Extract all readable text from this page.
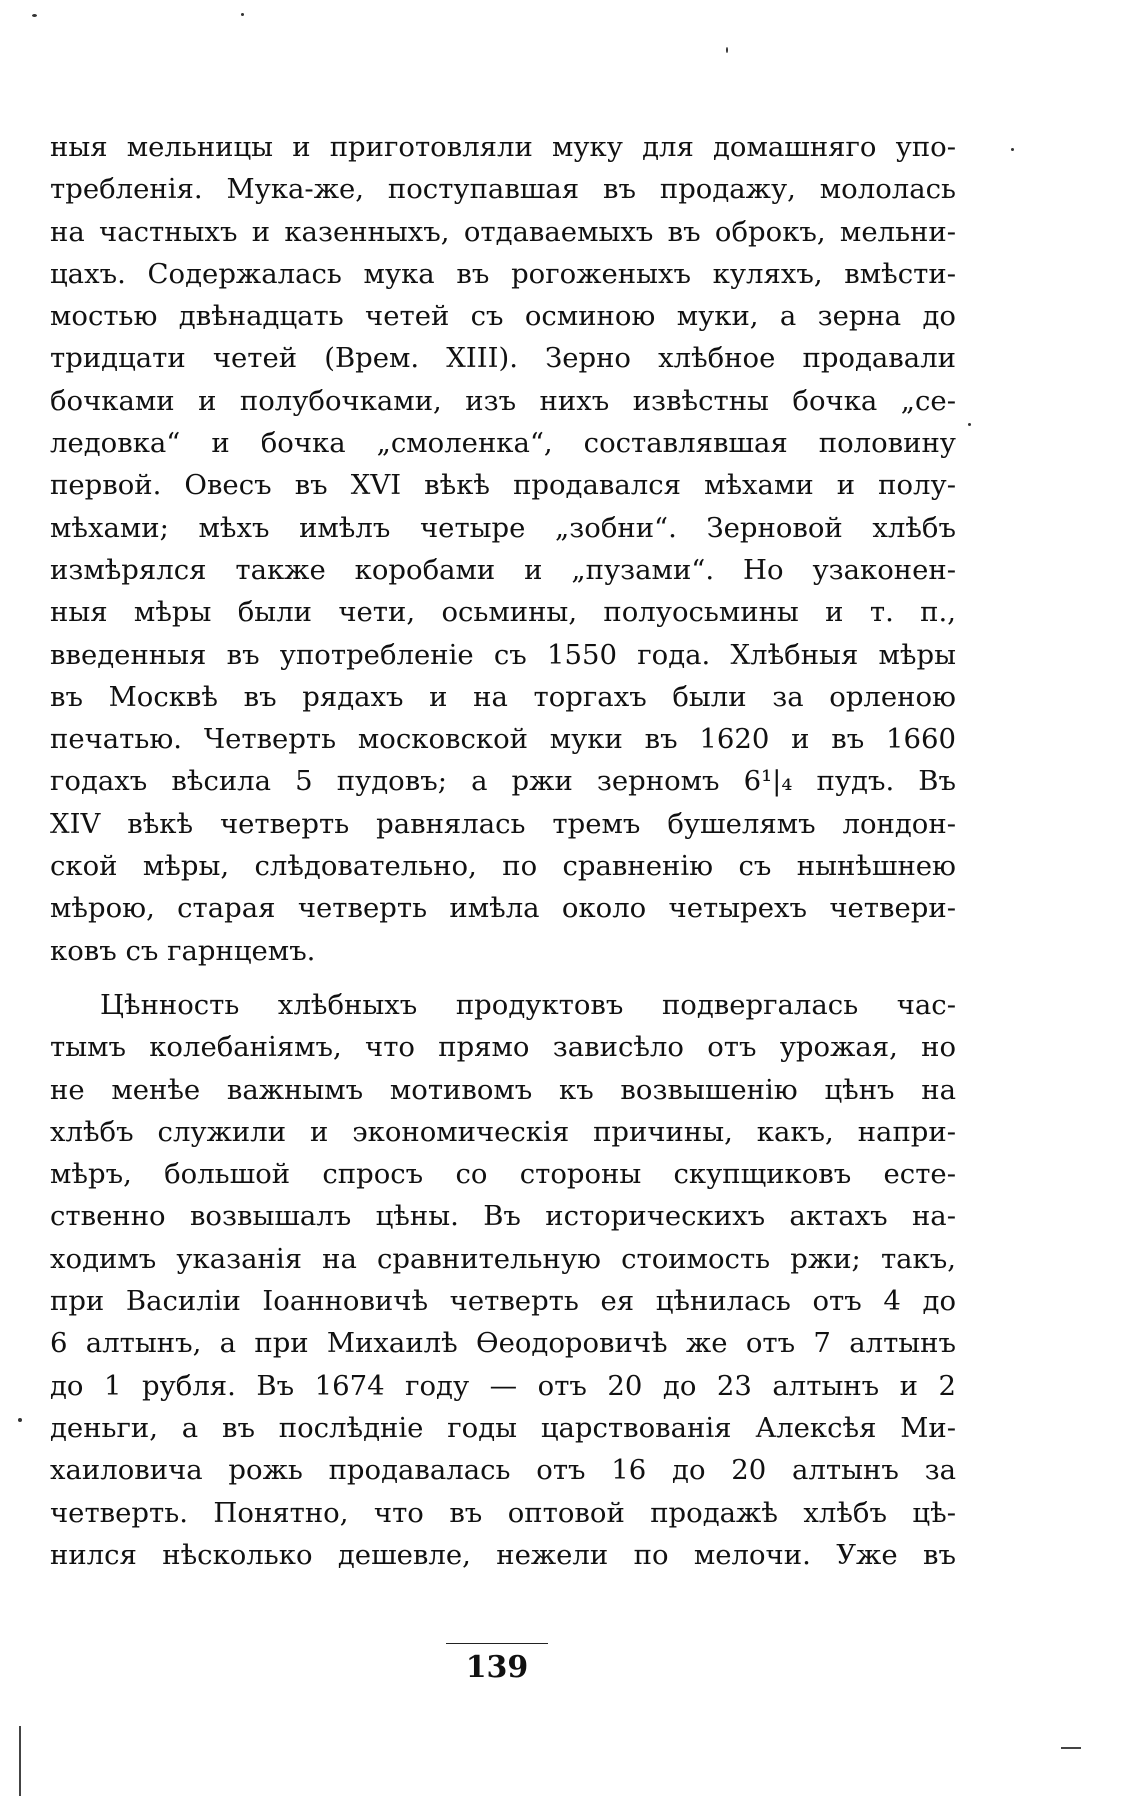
ныя мельницы и приготовляли муку для домашняго упо-
требленія. Мука-же, поступавшая въ продажу, мололась
на частныхъ и казенныхъ, отдаваемыхъ въ оброкъ, мельни-
цахъ. Содержалась мука въ рогоженыхъ куляхъ, вмѣсти-
мостью двѣнадцать четей съ осминою муки, а зерна до
тридцати четей (Врем. XIII). Зерно хлѣбное продавали
бочками и полубочками, изъ нихъ извѣстны бочка „се-
ледовка“ и бочка „смоленка“, составлявшая половину
первой. Овесъ въ XVI вѣкѣ продавался мѣхами и полу-
мѣхами; мѣхъ имѣлъ четыре „зобни“. Зерновой хлѣбъ
измѣрялся также коробами и „пузами“. Но узаконен-
ныя мѣры были чети, осьмины, полуосьмины и т. п.,
введенныя въ употребленіе съ 1550 года. Хлѣбныя мѣры
въ Москвѣ въ рядахъ и на торгахъ были за орленою
печатью. Четверть московской муки въ 1620 и въ 1660
годахъ вѣсила 5 пудовъ; а ржи зерномъ 6¹|₄ пудъ. Въ
XIV вѣкѣ четверть равнялась тремъ бушелямъ лондон-
ской мѣры, слѣдовательно, по сравненію съ нынѣшнею
мѣрою, старая четверть имѣла около четырехъ четвери-
ковъ съ гарнцемъ.
Цѣнность хлѣбныхъ продуктовъ подвергалась час-
тымъ колебаніямъ, что прямо зависѣло отъ урожая, но
не менѣе важнымъ мотивомъ къ возвышенію цѣнъ на
хлѣбъ служили и экономическія причины, какъ, напри-
мѣръ, большой спросъ со стороны скупщиковъ есте-
ственно возвышалъ цѣны. Въ историческихъ актахъ на-
ходимъ указанія на сравнительную стоимость ржи; такъ,
при Василіи Іоанновичѣ четверть ея цѣнилась отъ 4 до
6 алтынъ, а при Михаилѣ Ѳеодоровичѣ же отъ 7 алтынъ
до 1 рубля. Въ 1674 году — отъ 20 до 23 алтынъ и 2
деньги, а въ послѣдніе годы царствованія Алексѣя Ми-
хаиловича рожь продавалась отъ 16 до 20 алтынъ за
четверть. Понятно, что въ оптовой продажѣ хлѣбъ цѣ-
нился нѣсколько дешевле, нежели по мелочи. Уже въ
139
